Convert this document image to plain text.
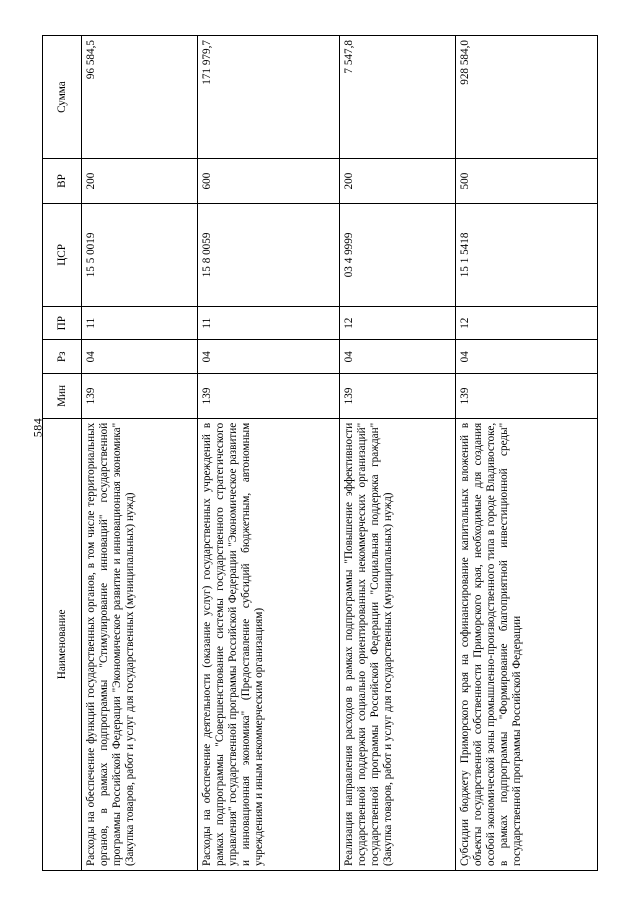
584
Наименование	Мин	Рз	ПР	ЦСР	ВР	Сумма
Расходы на обеспечение функций государственных органов, в том числе территориальных органов, в рамках подпрограммы "Стимулирование инноваций" государственной программы Российской Федерации "Экономическое развитие и инновационная экономика" (Закупка товаров, работ и услуг для государственных (муниципальных) нужд)	139	04	11	15 5 0019	200	96 584,5
Расходы на обеспечение деятельности (оказание услуг) государственных учреждений в рамках подпрограммы "Совершенствование системы государственного стратегического управления" государственной программы Российской Федерации "Экономическое развитие и инновационная экономика" (Предоставление субсидий бюджетным, автономным учреждениям и иным некоммерческим организациям)	139	04	11	15 8 0059	600	171 979,7
Реализация направления расходов в рамках подпрограммы "Повышение эффективности государственной поддержки социально ориентированных некоммерческих организаций" государственной программы Российской Федерации "Социальная поддержка граждан" (Закупка товаров, работ и услуг для государственных (муниципальных) нужд)	139	04	12	03 4 9999	200	7 547,8
Субсидии бюджету Приморского края на софинансирование капитальных вложений в объекты государственной собственности Приморского края, необходимые для создания особой экономической зоны промышленно-производственного типа в городе Владивостоке, в рамках подпрограммы "Формирование благоприятной инвестиционной среды" государственной программы Российской Федерации	139	04	12	15 1 5418	500	928 584,0
